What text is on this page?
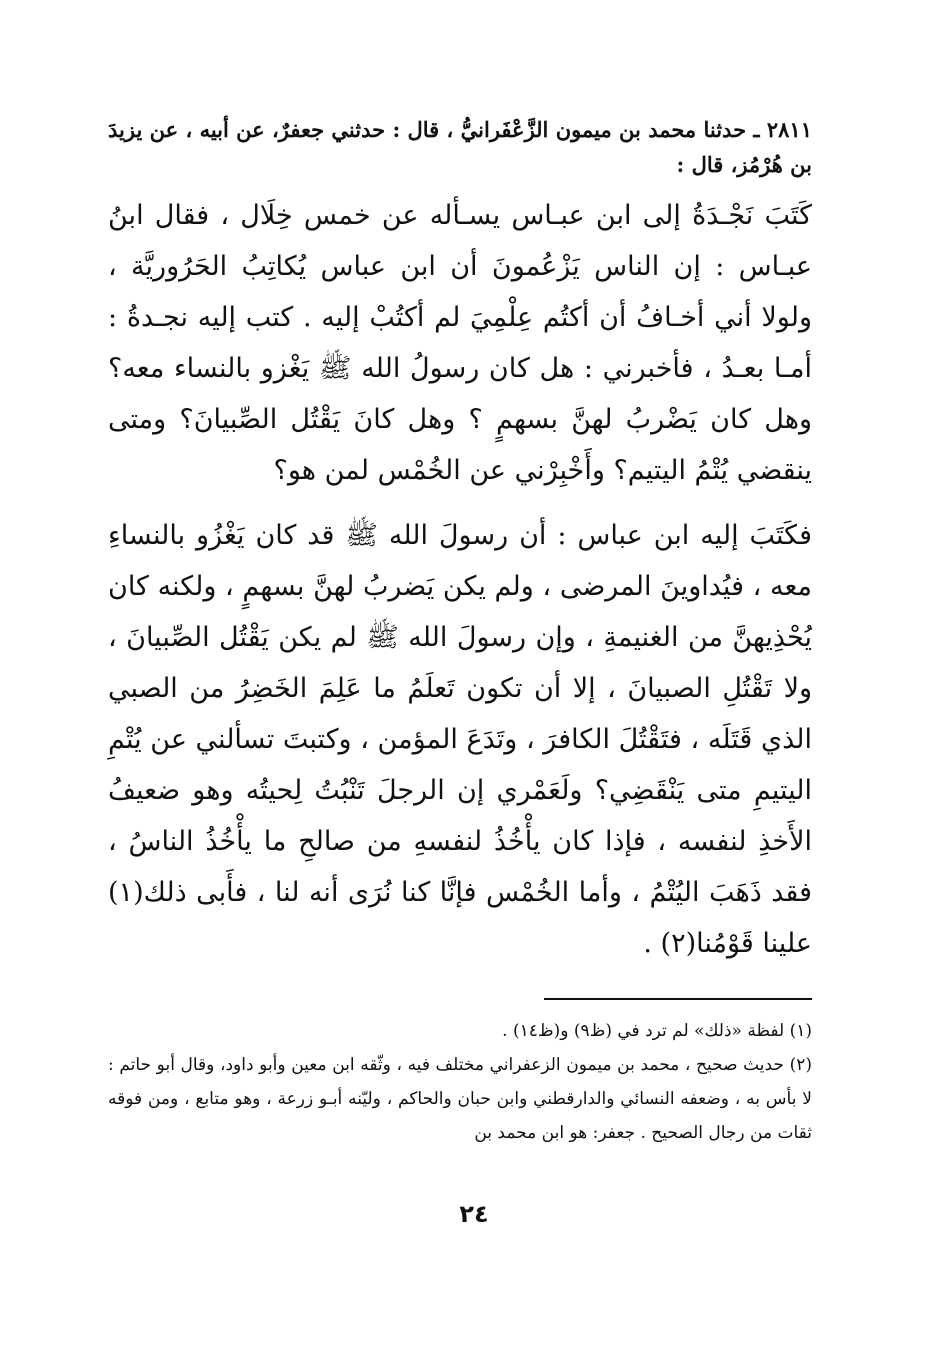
٢٨١١ ـ حدثنا محمد بن ميمون الزَّعْفَرانيُّ ، قال : حدثني جعفرٌ، عن أبيه ، عن يزيدَ بن هُرْمُز، قال :

كَتَبَ نَجْـدَةُ إلى ابن عبـاس يسـأله عن خمس خِلَال ، فقال ابنُ عبـاس : إن الناس يَزْعُمونَ أن ابن عباس يُكاتِبُ الحَرُوريَّة ، ولولا أني أخـافُ أن أكتُم عِلْمِيَ لم أكتُبْ إليه . كتب إليه نجـدةُ : أمـا بعـدُ ، فأخبرني : هل كان رسولُ الله ﷺ يَغْزو بالنساء معه؟ وهل كان يَضْربُ لهنَّ بسهمٍ ؟ وهل كانَ يَقْتُل الصِّبيانَ؟ ومتى ينقضي يُتْمُ اليتيم؟ وأَخْبِرْني عن الخُمْس لمن هو؟

فكَتَبَ إليه ابن عباس : أن رسولَ الله ﷺ قد كان يَغْزُو بالنساءِ معه ، فيُداوينَ المرضى ، ولم يكن يَضربُ لهنَّ بسهمٍ ، ولكنه كان يُحْذِيهنَّ من الغنيمةِ ، وإن رسولَ الله ﷺ لم يكن يَقْتُل الصِّبيانَ ، ولا تَقْتُلِ الصبيانَ ، إلا أن تكون تَعلَمُ ما عَلِمَ الخَضِرُ من الصبي الذي قَتَلَه ، فتَقْتُلَ الكافرَ ، وتَدَعَ المؤمن ، وكتبتَ تسألني عن يُتْمِ اليتيمِ متى يَنْقَضِي؟ ولَعَمْري إن الرجلَ تَنْبُتُ لِحيتُه وهو ضعيفُ الأَخذِ لنفسه ، فإذا كان يأْخُذُ لنفسهِ من صالحِ ما يأْخُذُ الناسُ ، فقد ذَهَبَ اليُتْمُ ، وأما الخُمْس فإنَّا كنا نُرَى أنه لنا ، فأَبى ذلك(١) علينا قَوْمُنا(٢) .

(١) لفظة «ذلك» لم ترد في (ظ٩) و(ظ١٤) .

(٢) حديث صحيح ، محمد بن ميمون الزعفراني مختلف فيه ، وثّقه ابن معين وأبو داود، وقال أبو حاتم : لا بأس به ، وضعفه النسائي والدارقطني وابن حبان والحاكم ، وليّنه أبـو زرعة ، وهو متابع ، ومن فوقه ثقات من رجال الصحيح . جعفر: هو ابن محمد بن

٢٤
